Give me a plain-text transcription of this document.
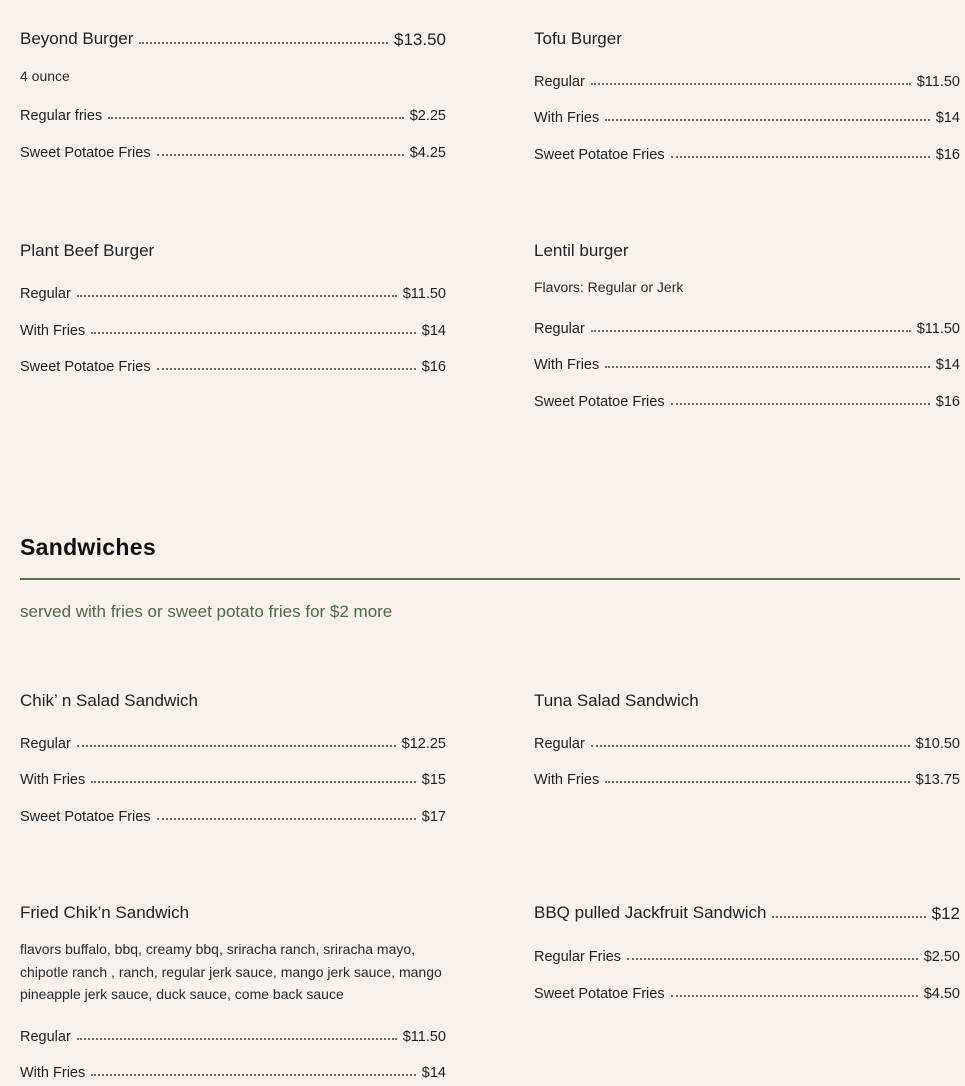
Beyond Burger	$13.50
4 ounce
Regular fries	$2.25
Sweet Potatoe Fries	$4.25
Tofu Burger
Regular	$11.50
With Fries	$14
Sweet Potatoe Fries	$16
Plant Beef Burger
Regular	$11.50
With Fries	$14
Sweet Potatoe Fries	$16
Lentil burger
Flavors: Regular or Jerk
Regular	$11.50
With Fries	$14
Sweet Potatoe Fries	$16
Sandwiches
served with fries or sweet potato fries for $2 more
Chik’ n Salad Sandwich
Regular	$12.25
With Fries	$15
Sweet Potatoe Fries	$17
Tuna Salad Sandwich
Regular	$10.50
With Fries	$13.75
Fried Chik’n Sandwich
flavors buffalo, bbq, creamy bbq, sriracha ranch, sriracha mayo, chipotle ranch , ranch, regular jerk sauce, mango jerk sauce, mango pineapple jerk sauce, duck sauce, come back sauce
Regular	$11.50
With Fries	$14
BBQ pulled Jackfruit Sandwich	$12
Regular Fries	$2.50
Sweet Potatoe Fries	$4.50
